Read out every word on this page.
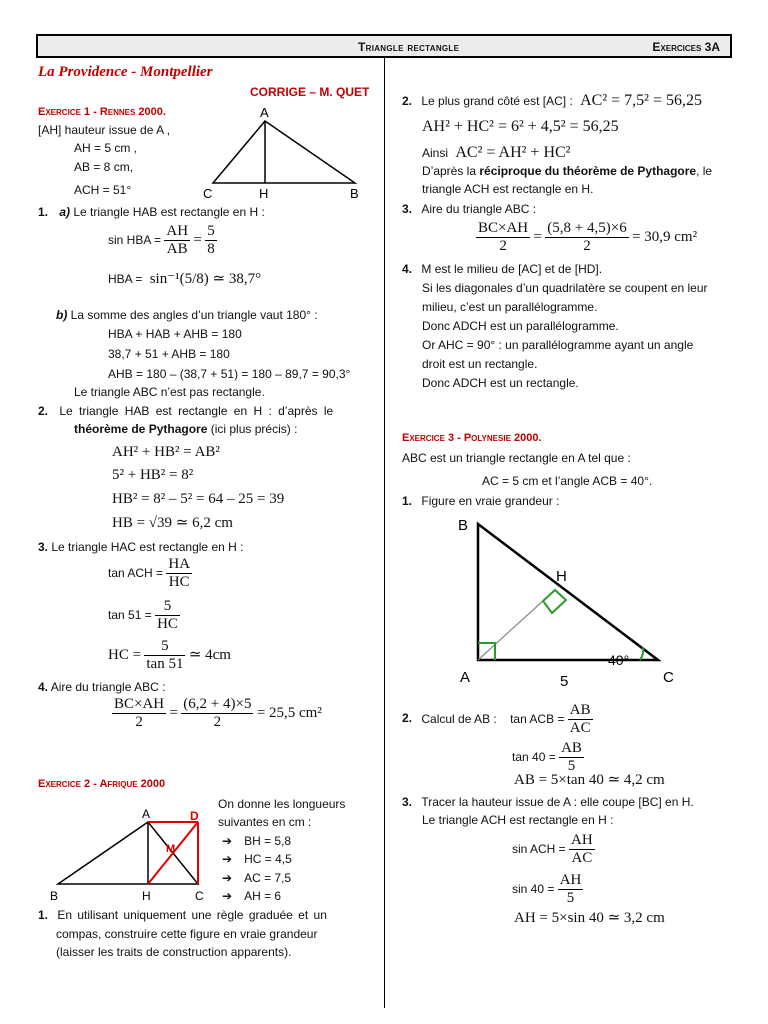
Triangle rectangle	Exercices 3A
La Providence - Montpellier
CORRIGE – M. QUET
Exercice 1 - Rennes 2000.
[AH] hauteur issue de A ,
AH = 5 cm ,
AB = 8 cm,
ACH = 51°
A
C	H	B
1. a) Le triangle HAB est rectangle en H :
sin HBA = $\frac{AH}{AB} = \frac{5}{8}$
HBA = sin⁻¹(5/8) ≃ 38,7°
b) La somme des angles d’un triangle vaut 180° :
HBA + HAB + AHB = 180
38,7 + 51 + AHB = 180
AHB = 180 – (38,7 + 51) = 180 – 89,7 = 90,3°
Le triangle ABC n’est pas rectangle.
2. Le triangle HAB est rectangle en H : d’après le
théorème de Pythagore (ici plus précis) :
AH² + HB² = AB²
5² + HB² = 8²
HB² = 8² – 5² = 64 – 25 = 39
HB = √39 ≃ 6,2 cm
3. Le triangle HAC est rectangle en H :
tan ACH = $\frac{HA}{HC}$
$\tan 51 = \frac{5}{HC}$
HC = $\frac{5}{\tan 51}$ ≃ 4cm
4. Aire du triangle ABC :
$\frac{BC\times AH}{2} = \frac{(6,2 + 4)\times 5}{2} = 25,5$ cm²
Exercice 2 - Afrique 2000
A	D
M
B	H	C
On donne les longueurs
suivantes en cm :
➔ BH = 5,8
➔ HC = 4,5
➔ AC = 7,5
➔ AH = 6
1. En utilisant uniquement une règle graduée et un
compas, construire cette figure en vraie grandeur
(laisser les traits de construction apparents).
2. Le plus grand côté est [AC] : AC² = 7,5² = 56,25
AH² + HC² = 6² + 4,5² = 56,25
Ainsi AC² = AH² + HC²
D’après la réciproque du théorème de Pythagore, le
triangle ACH est rectangle en H.
3. Aire du triangle ABC :
$\frac{BC\times AH}{2} = \frac{(5,8 + 4,5)\times 6}{2} = 30,9$ cm²
4. M est le milieu de [AC] et de [HD].
Si les diagonales d’un quadrilatère se coupent en leur
milieu, c’est un parallélogramme.
Donc ADCH est un parallélogramme.
Or AHC = 90° : un parallélogramme ayant un angle
droit est un rectangle.
Donc ADCH est un rectangle.
Exercice 3 - Polynesie 2000.
ABC est un triangle rectangle en A tel que :
AC = 5 cm et l’angle ACB = 40°.
1. Figure en vraie grandeur :
B
H
A	C
5
40°
2. Calcul de AB : tan ACB = $\frac{AB}{AC}$
$\tan 40 = \frac{AB}{5}$
AB = 5×tan 40 ≃ 4,2 cm
3. Tracer la hauteur issue de A : elle coupe [BC] en H.
Le triangle ACH est rectangle en H :
sin ACH = $\frac{AH}{AC}$
$\sin 40 = \frac{AH}{5}$
AH = 5×sin 40 ≃ 3,2 cm
